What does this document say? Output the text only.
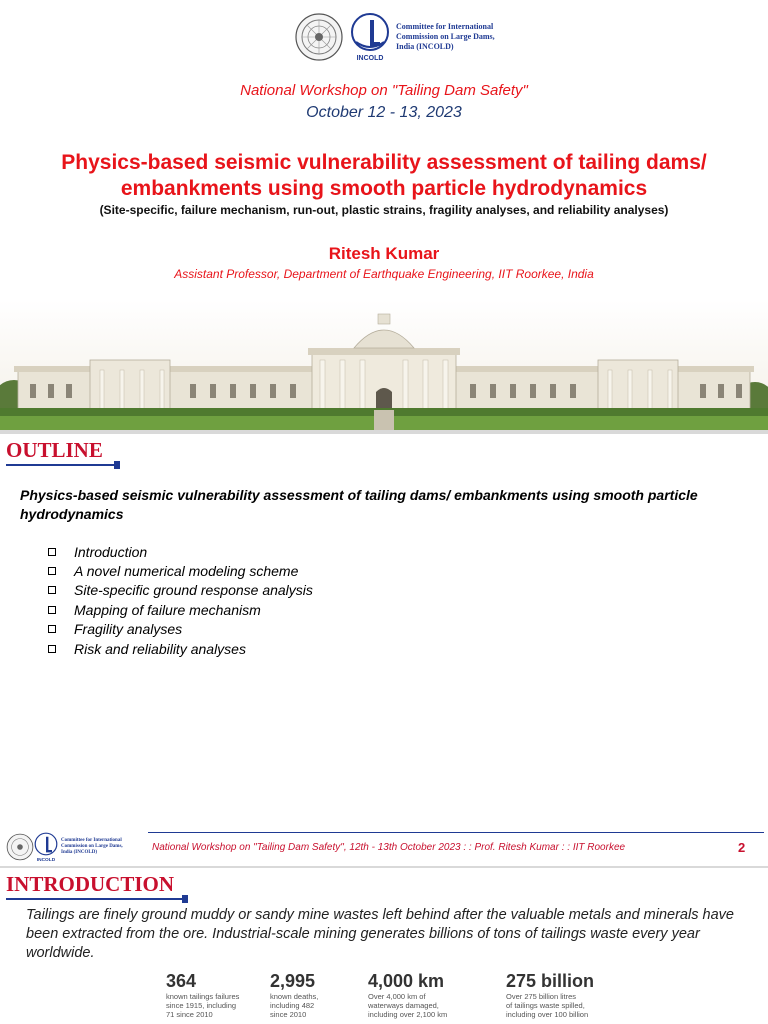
INCOLD
Committee for International
Commission on Large Dams,
India (INCOLD)
National Workshop on "Tailing Dam Safety"
October 12 - 13, 2023
Physics-based seismic vulnerability assessment of tailing dams/ embankments using smooth particle hydrodynamics
(Site-specific, failure mechanism, run-out, plastic strains, fragility analyses, and reliability analyses)
Ritesh Kumar
Assistant Professor, Department of Earthquake Engineering, IIT Roorkee, India
OUTLINE
Physics-based seismic vulnerability assessment of tailing dams/ embankments using smooth particle hydrodynamics
Introduction
A novel numerical modeling scheme
Site-specific ground response analysis
Mapping of failure mechanism
Fragility analyses
Risk and reliability analyses
INCOLD
Committee for International
Commission on Large Dams,
India (INCOLD)	National Workshop on "Tailing Dam Safety", 12th - 13th October 2023 : : Prof. Ritesh Kumar : : IIT Roorkee	2
INTRODUCTION
Tailings are finely ground muddy or sandy mine wastes left behind after the valuable metals and minerals have been extracted from the ore. Industrial-scale mining generates billions of tons of tailings waste every year worldwide.
364
known tailings failures
since 1915, including
71 since 2010
2,995
known deaths,
including 482
since 2010
4,000 km
Over 4,000 km of
waterways damaged,
including over 2,100 km
275 billion
Over 275 billion litres
of tailings waste spilled,
including over 100 billion
